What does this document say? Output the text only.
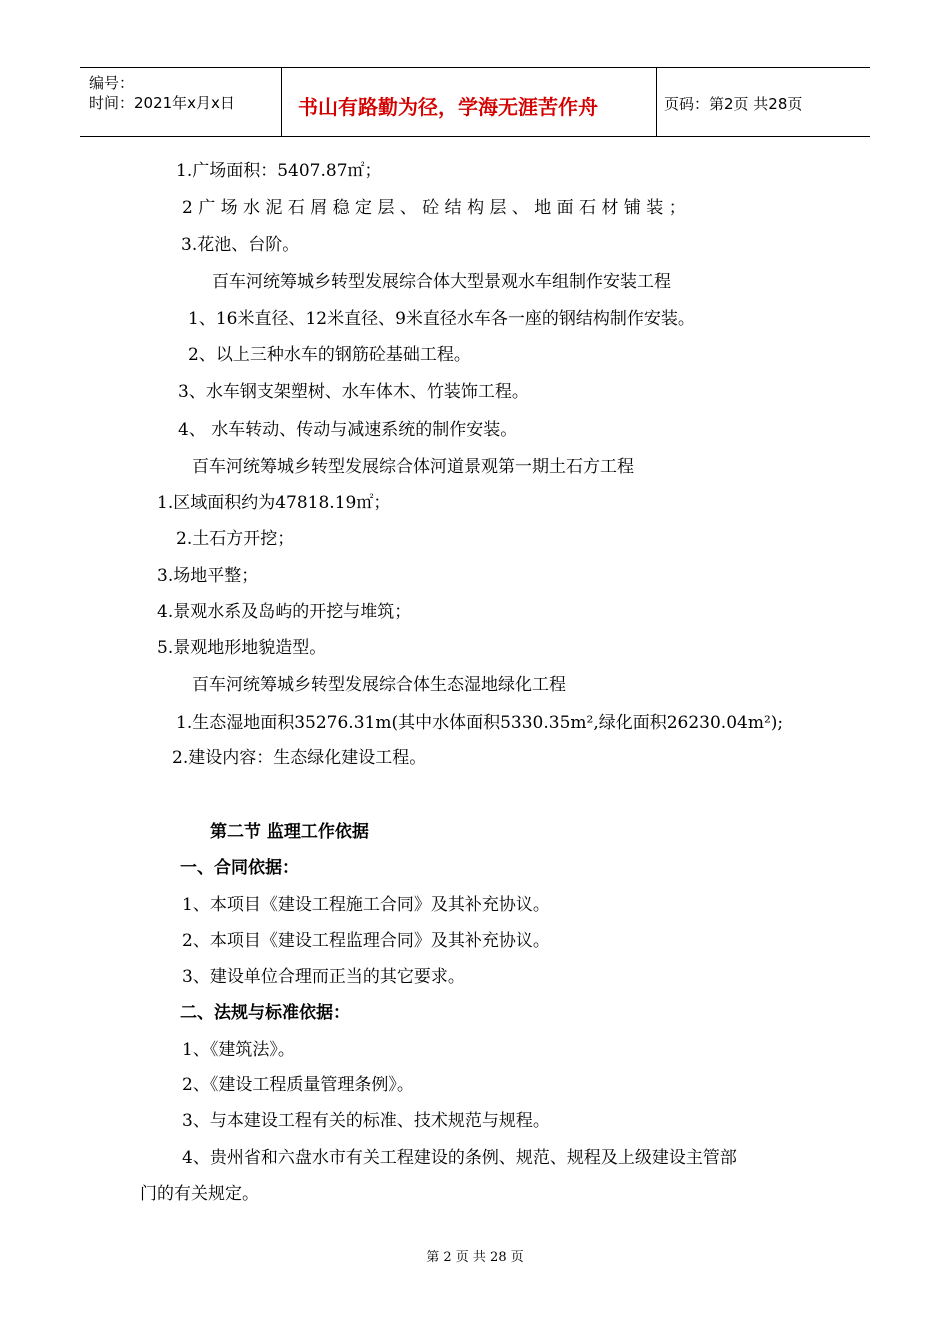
编号：
时间：2021年x月x日	书山有路勤为径，学海无涯苦作舟	页码：第2页 共28页
1.广场面积：5407.87㎡；
2 广 场 水 泥 石 屑 稳 定 层 、 砼 结 构 层 、 地 面 石 材 铺 装 ；
3.花池、台阶。
百车河统筹城乡转型发展综合体大型景观水车组制作安装工程
1、16米直径、12米直径、9米直径水车各一座的钢结构制作安装。
2、以上三种水车的钢筋砼基础工程。
3、水车钢支架塑树、水车体木、竹装饰工程。
4、 水车转动、传动与减速系统的制作安装。
百车河统筹城乡转型发展综合体河道景观第一期土石方工程
1.区域面积约为47818.19㎡；
2.土石方开挖；
3.场地平整；
4.景观水系及岛屿的开挖与堆筑；
5.景观地形地貌造型。
百车河统筹城乡转型发展综合体生态湿地绿化工程
1.生态湿地面积35276.31m(其中水体面积5330.35m²,绿化面积26230.04m²);
2.建设内容：生态绿化建设工程。
第二节 监理工作依据
一、合同依据：
1、本项目《建设工程施工合同》及其补充协议。
2、本项目《建设工程监理合同》及其补充协议。
3、建设单位合理而正当的其它要求。
二、法规与标准依据：
1、《建筑法》。
2、《建设工程质量管理条例》。
3、与本建设工程有关的标准、技术规范与规程。
4、贵州省和六盘水市有关工程建设的条例、规范、规程及上级建设主管部
门的有关规定。
第 2 页 共 28 页
